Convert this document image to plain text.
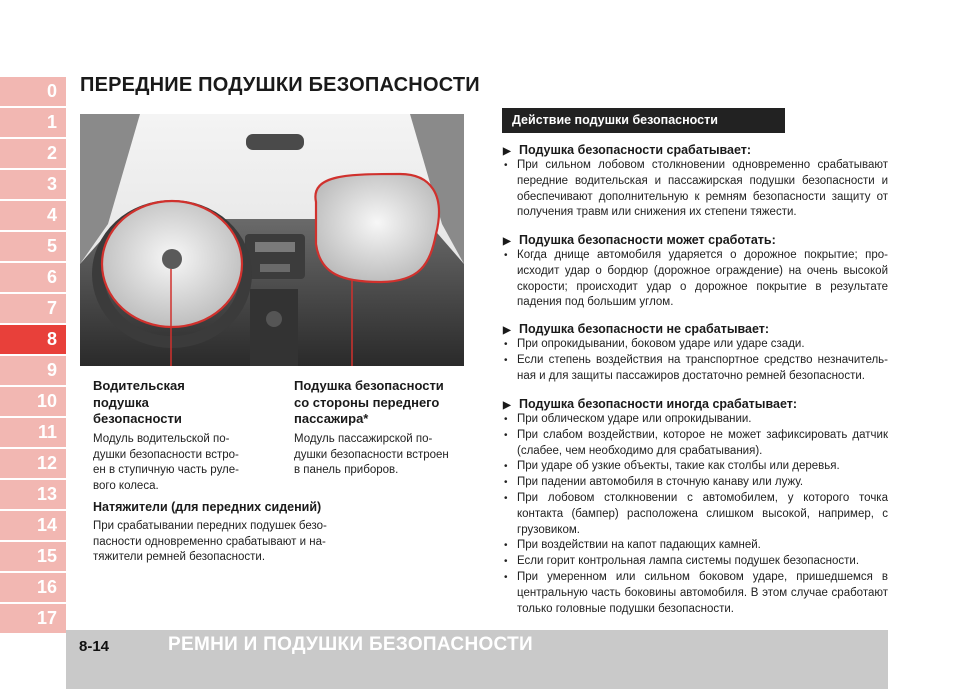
0
1
2
3
4
5
6
7
8
9
10
11
12
13
14
15
16
17
ПЕРЕДНИЕ ПОДУШКИ БЕЗОПАСНОСТИ
Водительская
подушка
безопасности
Модуль водительской по-
душки безопасности встро-
ен в ступичную часть руле-
вого колеса.
Подушка безопасности
со стороны переднего
пассажира*
Модуль пассажирской по-
душки безопасности встроен
в панель приборов.
Натяжители (для передних сидений)
При срабатывании передних подушек безо-
пасности одновременно срабатывают и на-
тяжители ремней безопасности.
Действие подушки безопасности
▶ Подушка безопасности срабатывает:
• При сильном лобовом столкновении одновременно срабатывают передние водительская и пассажирская подушки безопасности и обеспечивают дополнительную к ремням безопасности защиту от получения травм или снижения их степени тяжести.
▶ Подушка безопасности может сработать:
• Когда днище автомобиля ударяется о дорожное покрытие; про-исходит удар о бордюр (дорожное ограждение) на очень высокой скорости; происходит удар о дорожное покрытие в результате падения под большим углом.
▶ Подушка безопасности не срабатывает:
• При опрокидывании, боковом ударе или ударе сзади.
• Если степень воздействия на транспортное средство незначитель-ная и для защиты пассажиров достаточно ремней безопасности.
▶ Подушка безопасности иногда срабатывает:
• При облическом ударе или опрокидывании.
• При слабом воздействии, которое не может зафиксировать датчик (слабее, чем необходимо для срабатывания).
• При ударе об узкие объекты, такие как столбы или деревья.
• При падении автомобиля в сточную канаву или лужу.
• При лобовом столкновении с автомобилем, у которого точка контакта (бампер) расположена слишком высокой, например, с грузовиком.
• При воздействии на капот падающих камней.
• Если горит контрольная лампа системы подушек безопасности.
• При умеренном или сильном боковом ударе, пришедшемся в центральную часть боковины автомобиля. В этом случае сработают только головные подушки безопасности.
8-14	РЕМНИ И ПОДУШКИ БЕЗОПАСНОСТИ
